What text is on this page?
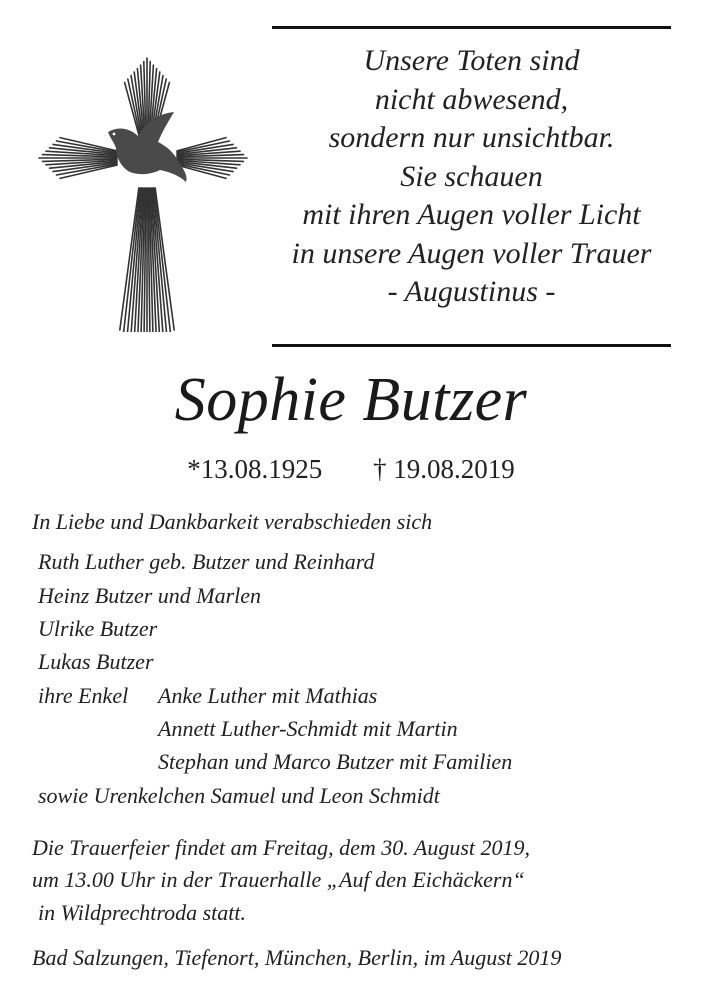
Unsere Toten sind
nicht abwesend,
sondern nur unsichtbar.
Sie schauen
mit ihren Augen voller Licht
in unsere Augen voller Trauer
- Augustinus -
Sophie Butzer
*13.08.1925 † 19.08.2019
In Liebe und Dankbarkeit verabschieden sich
Ruth Luther geb. Butzer und Reinhard
Heinz Butzer und Marlen
Ulrike Butzer
Lukas Butzer
ihre Enkel Anke Luther mit Mathias
Annett Luther-Schmidt mit Martin
Stephan und Marco Butzer mit Familien
sowie Urenkelchen Samuel und Leon Schmidt
Die Trauerfeier findet am Freitag, dem 30. August 2019,
um 13.00 Uhr in der Trauerhalle „Auf den Eichäckern“
in Wildprechtroda statt.
Bad Salzungen, Tiefenort, München, Berlin, im August 2019
